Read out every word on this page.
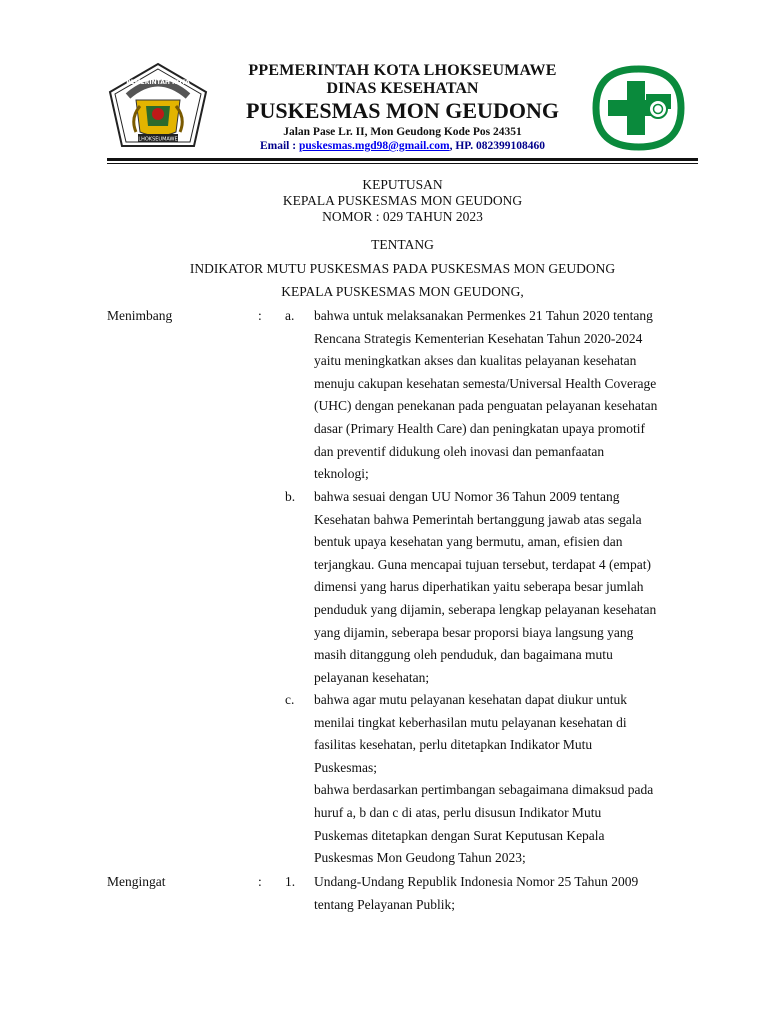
PEMERINTAH KOTA
LHOKSEUMAWE
PPEMERINTAH KOTA LHOKSEUMAWE
DINAS KESEHATAN
PUSKESMAS MON GEUDONG
Jalan Pase Lr. II, Mon Geudong Kode Pos 24351
Email : puskesmas.mgd98@gmail.com, HP. 082399108460
KEPUTUSAN
KEPALA PUSKESMAS MON GEUDONG
NOMOR : 029 TAHUN 2023
TENTANG
INDIKATOR MUTU PUSKESMAS PADA PUSKESMAS MON GEUDONG
KEPALA PUSKESMAS MON GEUDONG,
Menimbang	: a. bahwa untuk melaksanakan Permenkes 21 Tahun 2020 tentang
Rencana Strategis Kementerian Kesehatan Tahun 2020-2024
yaitu meningkatkan akses dan kualitas pelayanan kesehatan
menuju cakupan kesehatan semesta/Universal Health Coverage
(UHC) dengan penekanan pada penguatan pelayanan kesehatan
dasar (Primary Health Care) dan peningkatan upaya promotif
dan preventif didukung oleh inovasi dan pemanfaatan
teknologi;
b. bahwa sesuai dengan UU Nomor 36 Tahun 2009 tentang
Kesehatan bahwa Pemerintah bertanggung jawab atas segala
bentuk upaya kesehatan yang bermutu, aman, efisien dan
terjangkau. Guna mencapai tujuan tersebut, terdapat 4 (empat)
dimensi yang harus diperhatikan yaitu seberapa besar jumlah
penduduk yang dijamin, seberapa lengkap pelayanan kesehatan
yang dijamin, seberapa besar proporsi biaya langsung yang
masih ditanggung oleh penduduk, dan bagaimana mutu
pelayanan kesehatan;
c. bahwa agar mutu pelayanan kesehatan dapat diukur untuk
menilai tingkat keberhasilan mutu pelayanan kesehatan di
fasilitas kesehatan, perlu ditetapkan Indikator Mutu
Puskesmas;
bahwa berdasarkan pertimbangan sebagaimana dimaksud pada
huruf a, b dan c di atas, perlu disusun Indikator Mutu
Puskemas ditetapkan dengan Surat Keputusan Kepala
Puskesmas Mon Geudong Tahun 2023;
Mengingat	: 1. Undang-Undang Republik Indonesia Nomor 25 Tahun 2009
tentang Pelayanan Publik;
